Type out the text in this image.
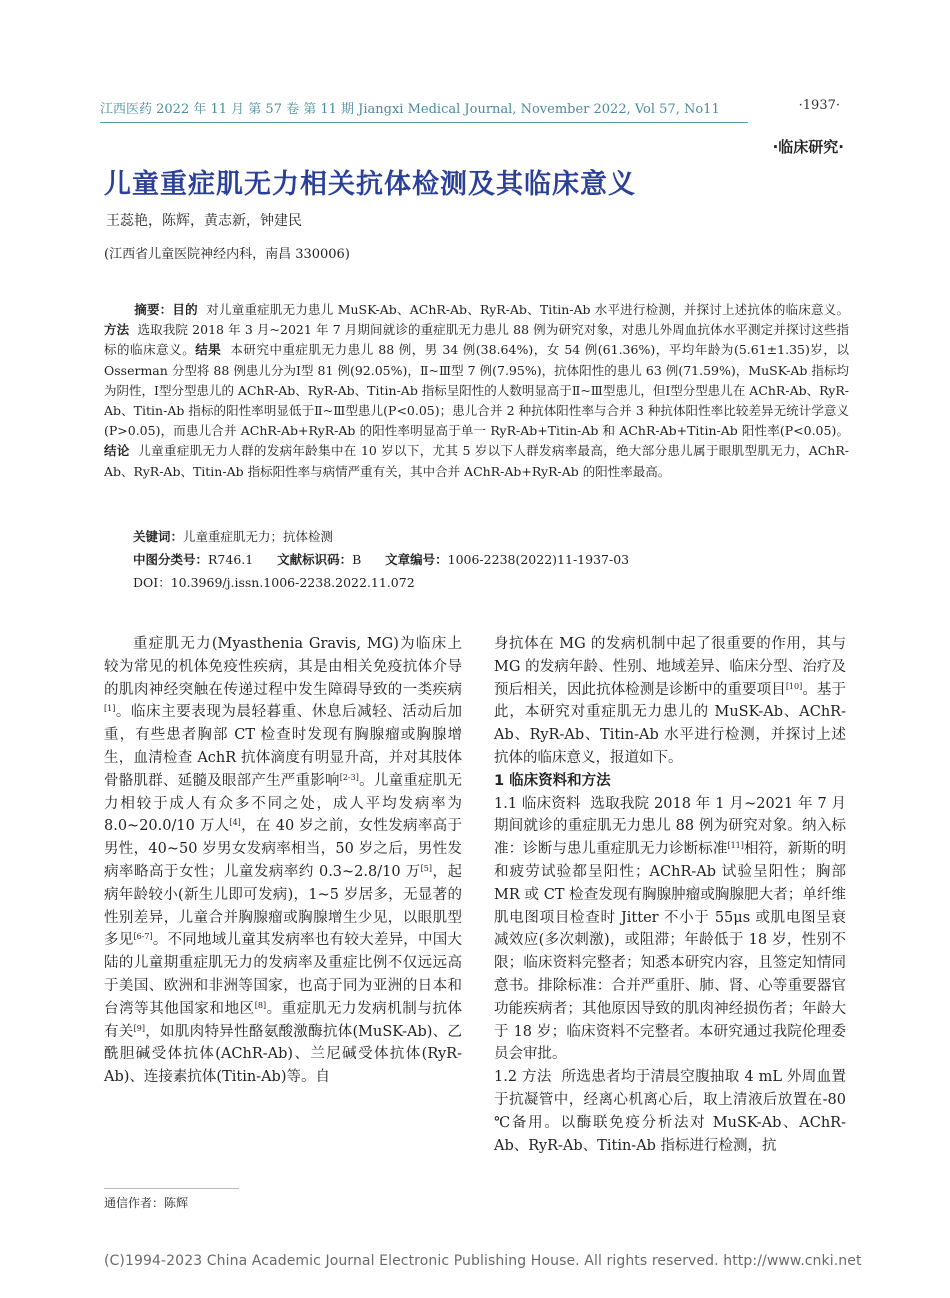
江西医药 2022 年 11 月 第 57 卷 第 11 期 Jiangxi Medical Journal, November 2022, Vol 57, No11	·1937·
·临床研究·
儿童重症肌无力相关抗体检测及其临床意义
王蕊艳，陈辉，黄志新，钟建民
(江西省儿童医院神经内科，南昌 330006)
摘要：目的 对儿童重症肌无力患儿 MuSK-Ab、AChR-Ab、RyR-Ab、Titin-Ab 水平进行检测，并探讨上述抗体的临床意义。方法 选取我院 2018 年 3 月~2021 年 7 月期间就诊的重症肌无力患儿 88 例为研究对象，对患儿外周血抗体水平测定并探讨这些指标的临床意义。结果 本研究中重症肌无力患儿 88 例，男 34 例(38.64%)，女 54 例(61.36%)，平均年龄为(5.61±1.35)岁，以 Osserman 分型将 88 例患儿分为Ⅰ型 81 例(92.05%)，Ⅱ~Ⅲ型 7 例(7.95%)，抗体阳性的患儿 63 例(71.59%)，MuSK-Ab 指标均为阴性，Ⅰ型分型患儿的 AChR-Ab、RyR-Ab、Titin-Ab 指标呈阳性的人数明显高于Ⅱ~Ⅲ型患儿，但Ⅰ型分型患儿在 AChR-Ab、RyR-Ab、Titin-Ab 指标的阳性率明显低于Ⅱ~Ⅲ型患儿(P<0.05)；患儿合并 2 种抗体阳性率与合并 3 种抗体阳性率比较差异无统计学意义(P>0.05)，而患儿合并 AChR-Ab+RyR-Ab 的阳性率明显高于单一 RyR-Ab+Titin-Ab 和 AChR-Ab+Titin-Ab 阳性率(P<0.05)。结论 儿童重症肌无力人群的发病年龄集中在 10 岁以下，尤其 5 岁以下人群发病率最高，绝大部分患儿属于眼肌型肌无力，AChR-Ab、RyR-Ab、Titin-Ab 指标阳性率与病情严重有关，其中合并 AChR-Ab+RyR-Ab 的阳性率最高。
关键词：儿童重症肌无力；抗体检测
中图分类号：R746.1 文献标识码：B 文章编号：1006-2238(2022)11-1937-03
DOI：10.3969/j.issn.1006-2238.2022.11.072

重症肌无力(Myasthenia Gravis, MG)为临床上较为常见的机体免疫性疾病，其是由相关免疫抗体介导的肌肉神经突触在传递过程中发生障碍导致的一类疾病[1]。临床主要表现为晨轻暮重、休息后减轻、活动后加重，有些患者胸部 CT 检查时发现有胸腺瘤或胸腺增生，血清检查 AchR 抗体滴度有明显升高，并对其肢体骨骼肌群、延髓及眼部产生严重影响[2-3]。儿童重症肌无力相较于成人有众多不同之处，成人平均发病率为 8.0~20.0/10 万人[4]，在 40 岁之前，女性发病率高于男性，40~50 岁男女发病率相当，50 岁之后，男性发病率略高于女性；儿童发病率约 0.3~2.8/10 万[5]，起病年龄较小(新生儿即可发病)，1~5 岁居多，无显著的性别差异，儿童合并胸腺瘤或胸腺增生少见，以眼肌型多见[6-7]。不同地域儿童其发病率也有较大差异，中国大陆的儿童期重症肌无力的发病率及重症比例不仅远远高于美国、欧洲和非洲等国家，也高于同为亚洲的日本和台湾等其他国家和地区[8]。重症肌无力发病机制与抗体有关[9]，如肌肉特异性酪氨酸激酶抗体(MuSK-Ab)、乙酰胆碱受体抗体(AChR-Ab)、兰尼碱受体抗体(RyR-Ab)、连接素抗体(Titin-Ab)等。自

身抗体在 MG 的发病机制中起了很重要的作用，其与 MG 的发病年龄、性别、地域差异、临床分型、治疗及预后相关，因此抗体检测是诊断中的重要项目[10]。基于此，本研究对重症肌无力患儿的 MuSK-Ab、AChR-Ab、RyR-Ab、Titin-Ab 水平进行检测，并探讨上述抗体的临床意义，报道如下。

1 临床资料和方法

1.1 临床资料 选取我院 2018 年 1 月~2021 年 7 月期间就诊的重症肌无力患儿 88 例为研究对象。纳入标准：诊断与患儿重症肌无力诊断标准[11]相符，新斯的明和疲劳试验都呈阳性；AChR-Ab 试验呈阳性；胸部 MR 或 CT 检查发现有胸腺肿瘤或胸腺肥大者；单纤维肌电图项目检查时 Jitter 不小于 55μs 或肌电图呈衰减效应(多次刺激)，或阻滞；年龄低于 18 岁，性别不限；临床资料完整者；知悉本研究内容，且签定知情同意书。排除标准：合并严重肝、肺、肾、心等重要器官功能疾病者；其他原因导致的肌肉神经损伤者；年龄大于 18 岁；临床资料不完整者。本研究通过我院伦理委员会审批。

1.2 方法 所选患者均于清晨空腹抽取 4 mL 外周血置于抗凝管中，经离心机离心后，取上清液后放置在-80 ℃备用。以酶联免疫分析法对 MuSK-Ab、AChR-Ab、RyR-Ab、Titin-Ab 指标进行检测，抗

通信作者：陈辉
(C)1994-2023 China Academic Journal Electronic Publishing House. All rights reserved. http://www.cnki.net
